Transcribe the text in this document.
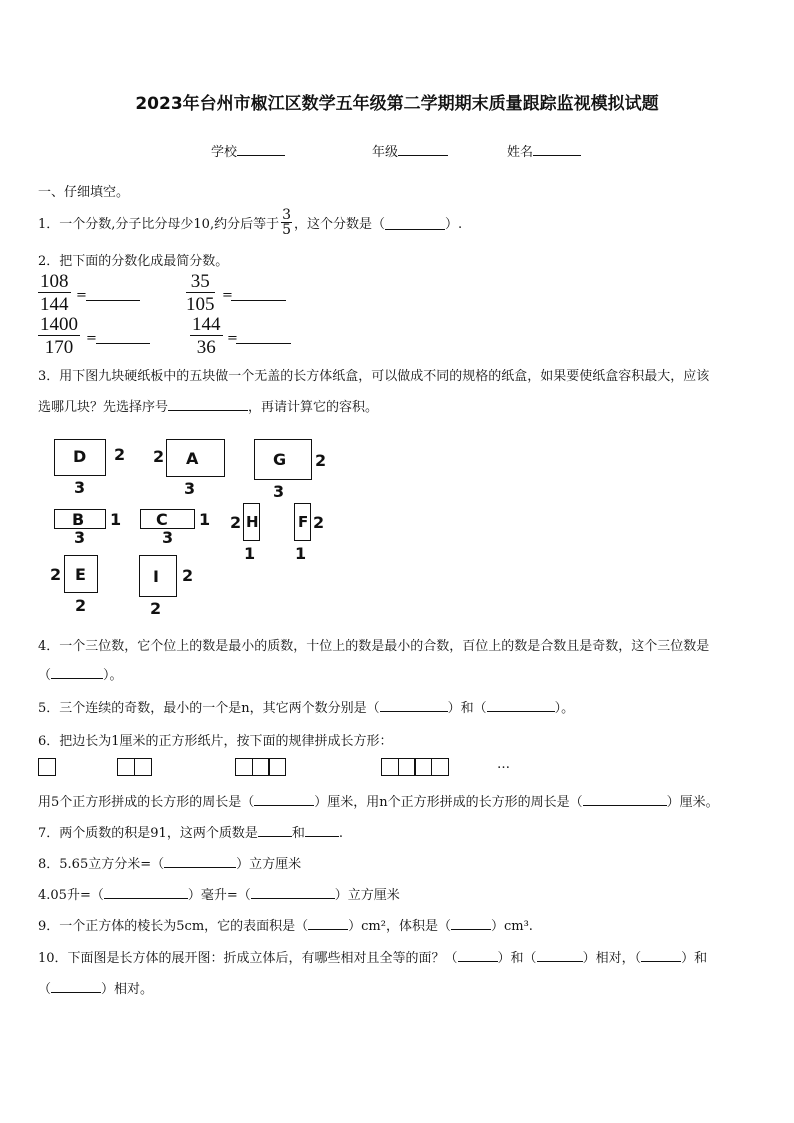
2023年台州市椒江区数学五年级第二学期期末质量跟踪监视模拟试题
学校	年级	姓名
一、仔细填空。
1．一个分数,分子比分母少10,约分后等于 $\frac{3}{5}$ ，这个分数是（	）.
2．把下面的分数化成最简分数。
$\frac{108}{144}$ =	$\frac{35}{105}$ =
$\frac{1400}{170}$ =	$\frac{144}{36}$ =
3．用下图九块硬纸板中的五块做一个无盖的长方体纸盒，可以做成不同的规格的纸盒，如果要使纸盒容积最大，应该
选哪几块？先选择序号	，再请计算它的容积。
D 2
3
A
2
3
G 2
3
B 1
3
C 1
3
H
2
1
F 2
1
E
2
2
I 2
2
4．一个三位数，它个位上的数是最小的质数，十位上的数是最小的合数，百位上的数是合数且是奇数，这个三位数是
（	）。
5．三个连续的奇数，最小的一个是n，其它两个数分别是（	）和（	）。
6．把边长为1厘米的正方形纸片，按下面的规律拼成长方形：
…
用5个正方形拼成的长方形的周长是（	）厘米，用n个正方形拼成的长方形的周长是（	）厘米。
7．两个质数的积是91，这两个质数是	和	.
8．5.65立方分米=（	）立方厘米
4.05升=（	）毫升=（	）立方厘米
9．一个正方体的棱长为5cm，它的表面积是（	）cm²，体积是（	）cm³.
10．下面图是长方体的展开图：折成立体后，有哪些相对且全等的面？（	）和（	）相对，（	）和
（	）相对。
